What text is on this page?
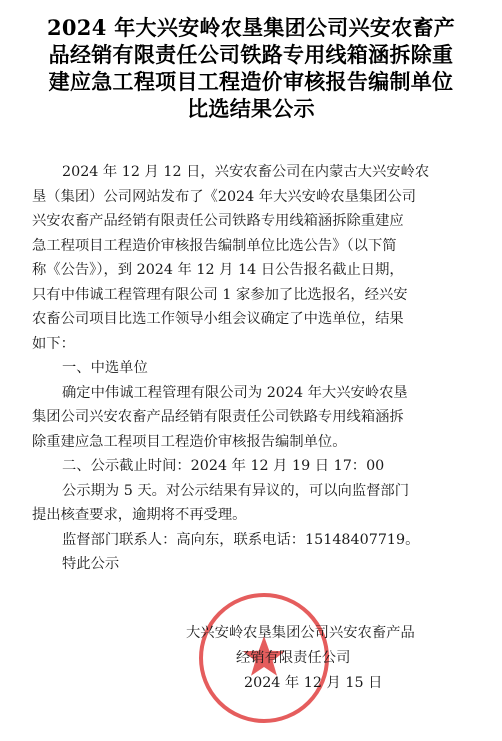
2024 年大兴安岭农垦集团公司兴安农畜产
品经销有限责任公司铁路专用线箱涵拆除重
建应急工程项目工程造价审核报告编制单位
比选结果公示
2024 年 12 月 12 日，兴安农畜公司在内蒙古大兴安岭农
垦（集团）公司网站发布了《2024 年大兴安岭农垦集团公司
兴安农畜产品经销有限责任公司铁路专用线箱涵拆除重建应
急工程项目工程造价审核报告编制单位比选公告》（以下简
称《公告》），到 2024 年 12 月 14 日公告报名截止日期，
只有中伟诚工程管理有限公司 1 家参加了比选报名，经兴安
农畜公司项目比选工作领导小组会议确定了中选单位，结果
如下：
一、中选单位
确定中伟诚工程管理有限公司为 2024 年大兴安岭农垦
集团公司兴安农畜产品经销有限责任公司铁路专用线箱涵拆
除重建应急工程项目工程造价审核报告编制单位。
二、公示截止时间：2024 年 12 月 19 日 17：00
公示期为 5 天。对公示结果有异议的，可以向监督部门
提出核查要求，逾期将不再受理。
监督部门联系人：高向东，联系电话：15148407719。
特此公示
大兴安岭农垦集团公司兴安农畜产品
经销有限责任公司
2024 年 12 月 15 日
